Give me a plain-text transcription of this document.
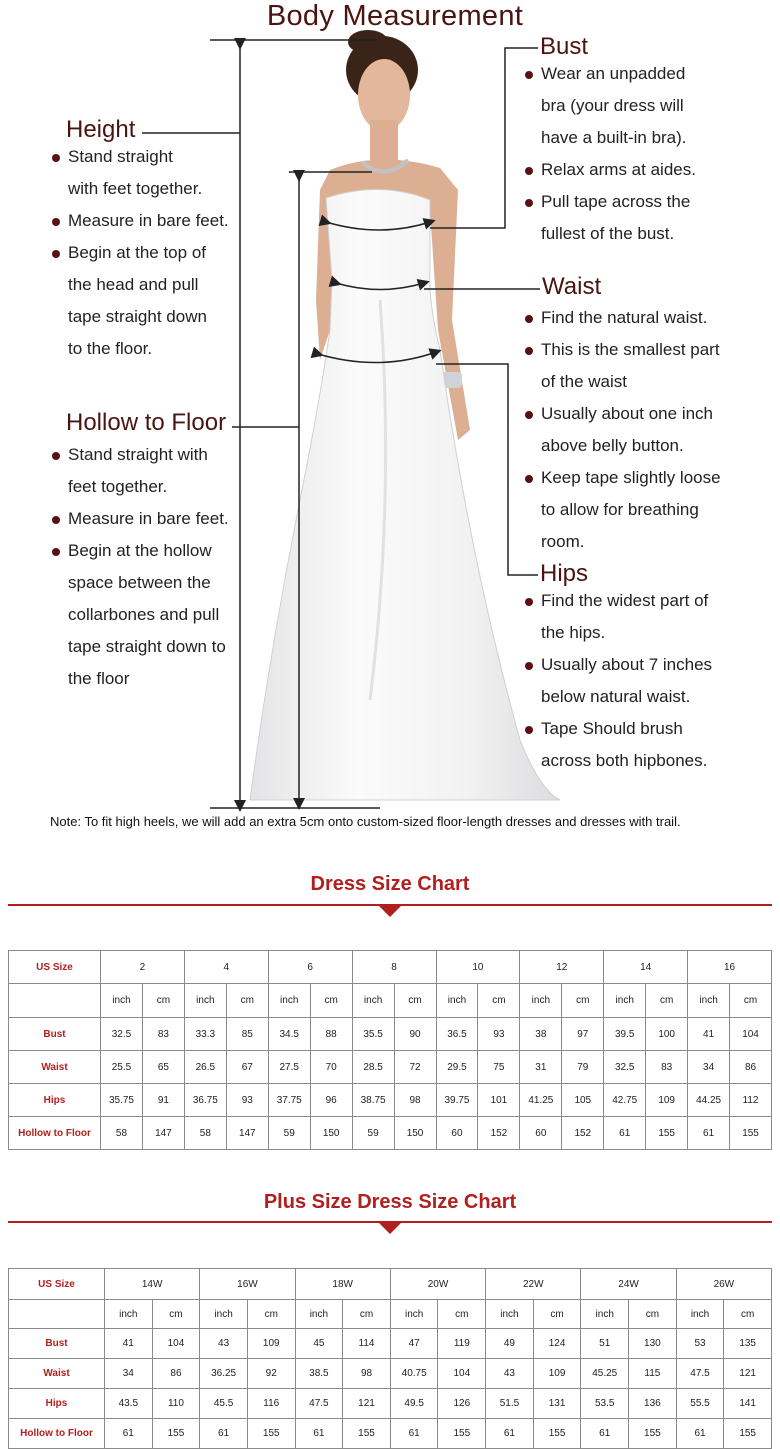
Body Measurement
Height
Stand straight
with feet together.
Measure in bare feet.
Begin at the top of
the head and pull
tape straight down
to the floor.
Hollow to Floor
Stand straight with
feet together.
Measure in bare feet.
Begin at the hollow
space between the
collarbones and pull
tape straight down to
the floor
Bust
Wear an unpadded
bra (your dress will
have a built-in bra).
Relax arms at aides.
Pull tape across the
fullest of the bust.
Waist
Find the natural waist.
This is the smallest part
of the waist
Usually about one inch
above belly button.
Keep tape slightly loose
to allow for breathing
room.
Hips
Find the widest part of
the hips.
Usually about 7 inches
below natural waist.
Tape Should brush
across both hipbones.
Note: To fit high heels, we will add an extra 5cm onto custom-sized floor-length dresses and dresses with trail.
Dress Size Chart
US Size	2		4		6		8		10		12		14		16	
	inch	cm	inch	cm	inch	cm	inch	cm	inch	cm	inch	cm	inch	cm	inch	cm
Bust	32.5	83	33.3	85	34.5	88	35.5	90	36.5	93	38	97	39.5	100	41	104
Waist	25.5	65	26.5	67	27.5	70	28.5	72	29.5	75	31	79	32.5	83	34	86
Hips	35.75	91	36.75	93	37.75	96	38.75	98	39.75	101	41.25	105	42.75	109	44.25	112
Hollow to Floor	58	147	58	147	59	150	59	150	60	152	60	152	61	155	61	155
Plus Size Dress Size Chart
US Size	14W		16W		18W		20W		22W		24W		26W	
	inch	cm	inch	cm	inch	cm	inch	cm	inch	cm	inch	cm	inch	cm
Bust	41	104	43	109	45	114	47	119	49	124	51	130	53	135
Waist	34	86	36.25	92	38.5	98	40.75	104	43	109	45.25	115	47.5	121
Hips	43.5	110	45.5	116	47.5	121	49.5	126	51.5	131	53.5	136	55.5	141
Hollow to Floor	61	155	61	155	61	155	61	155	61	155	61	155	61	155
